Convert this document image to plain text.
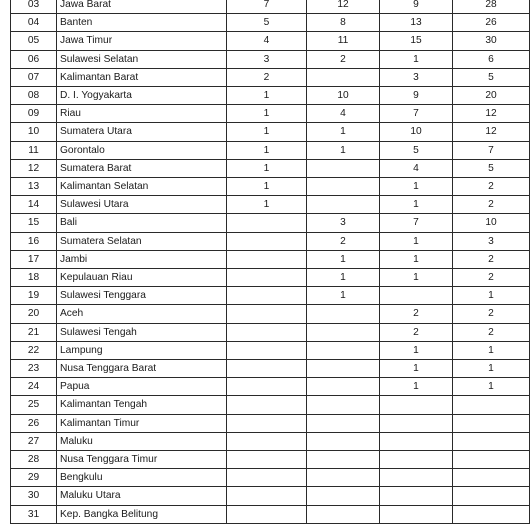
03	Jawa Barat	7	12	9	28
04	Banten	5	8	13	26
05	Jawa Timur	4	11	15	30
06	Sulawesi Selatan	3	2	1	6
07	Kalimantan Barat	2		3	5
08	D. I. Yogyakarta	1	10	9	20
09	Riau	1	4	7	12
10	Sumatera Utara	1	1	10	12
11	Gorontalo	1	1	5	7
12	Sumatera Barat	1		4	5
13	Kalimantan Selatan	1		1	2
14	Sulawesi Utara	1		1	2
15	Bali		3	7	10
16	Sumatera Selatan		2	1	3
17	Jambi		1	1	2
18	Kepulauan Riau		1	1	2
19	Sulawesi Tenggara		1		1
20	Aceh			2	2
21	Sulawesi Tengah			2	2
22	Lampung			1	1
23	Nusa Tenggara Barat			1	1
24	Papua			1	1
25	Kalimantan Tengah				
26	Kalimantan Timur				
27	Maluku				
28	Nusa Tenggara Timur				
29	Bengkulu				
30	Maluku Utara				
31	Kep. Bangka Belitung				
